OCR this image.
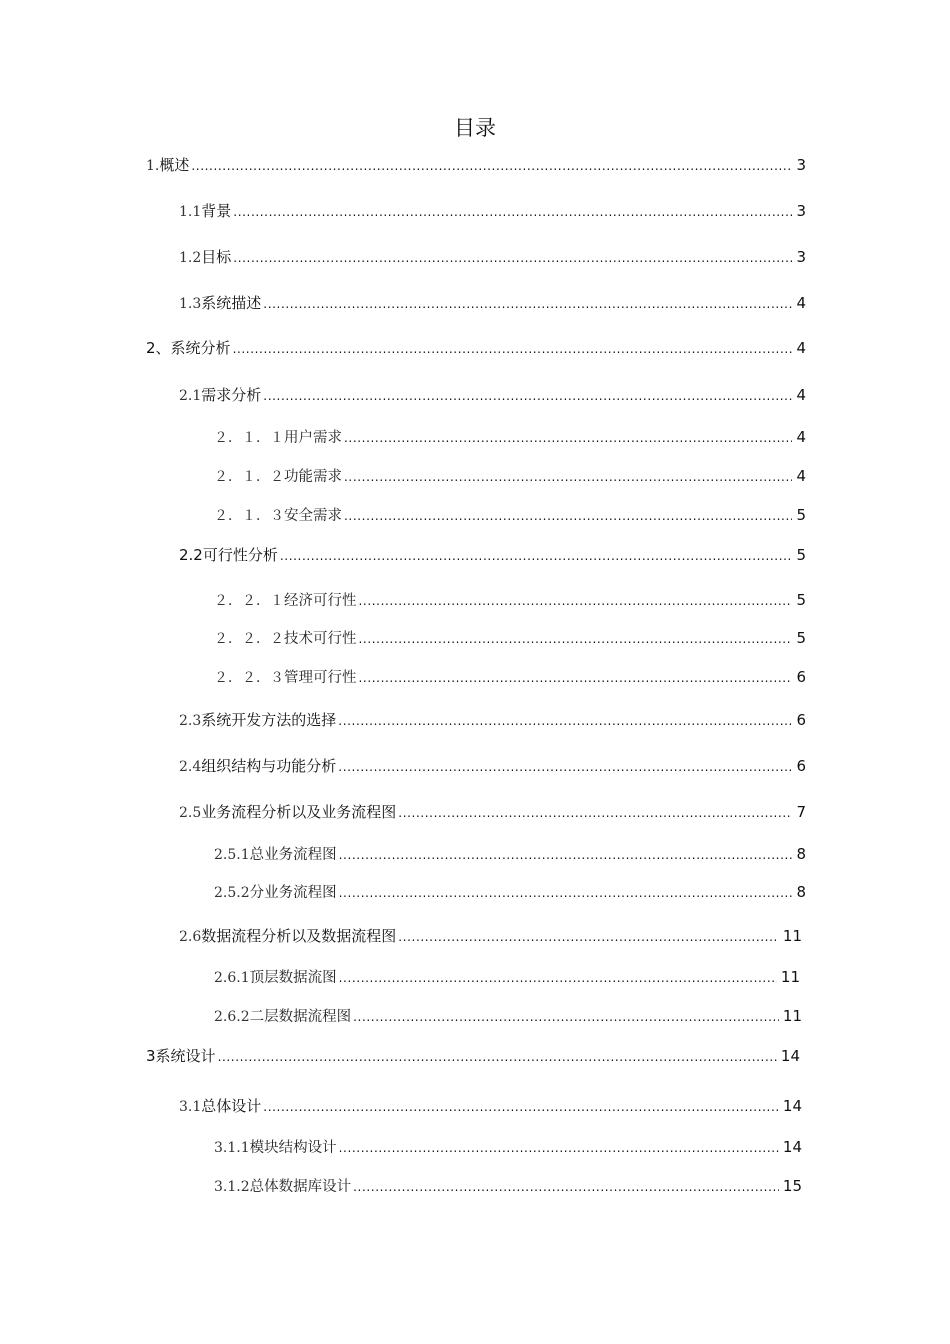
目录
1. 概述 .....	3
1.1 背景 .....	3
1.2 目标 .....	3
1.3 系统描述 .....	4
2、 系统分析 .....	4
2.1 需求分析 .....	4
２．１．１ 用户需求 .....	4
２．１．２ 功能需求 .....	4
２．１．３ 安全需求 .....	5
2.2 可行性分析 .....	5
２．２．１ 经济可行性 .....	5
２．２．２ 技术可行性 .....	5
２．２．３ 管理可行性 .....	6
2.3 系统开发方法的选择 .....	6
2.4 组织结构与功能分析 .....	6
2.5 业务流程分析以及业务流程图 .....	7
2.5.1 总业务流程图 .....	8
2.5.2 分业务流程图 .....	8
2.6 数据流程分析以及数据流程图 .....	11
2.6.1 顶层数据流图 .....	11
2.6.2 二层数据流程图 .....	11
3 系统设计 .....	14
3.1 总体设计 .....	14
3.1.1 模块结构设计 .....	14
3.1.2 总体数据库设计 .....	15
